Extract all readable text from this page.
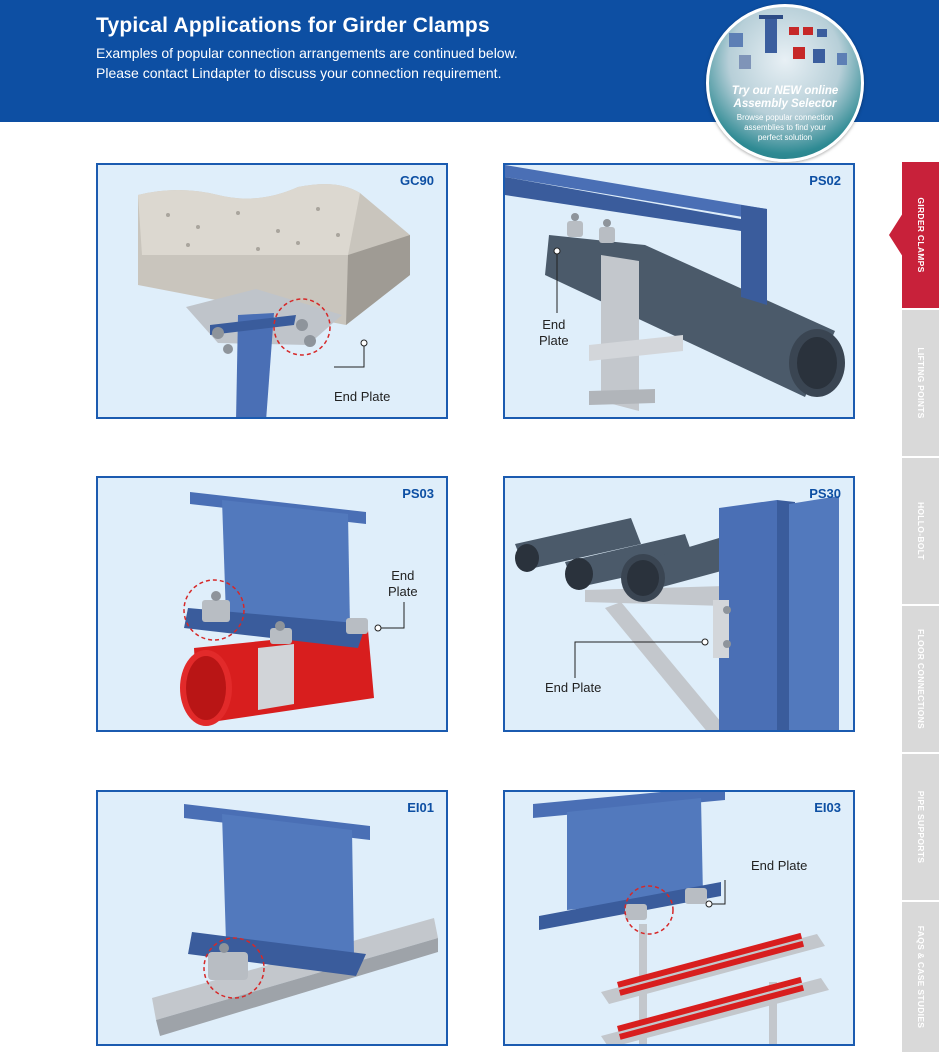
Typical Applications for Girder Clamps
Examples of popular connection arrangements are continued below.
Please contact Lindapter to discuss your connection requirement.
Try our NEW online
Assembly Selector
Browse popular connection
assemblies to find your
perfect solution
GC90
End Plate
PS02
End
Plate
PS03
End
Plate
PS30
End Plate
EI01	EI03
End Plate
GIRDER CLAMPS
LIFTING POINTS
HOLLO-BOLT
FLOOR CONNECTIONS
PIPE SUPPORTS
FAQS & CASE STUDIES
